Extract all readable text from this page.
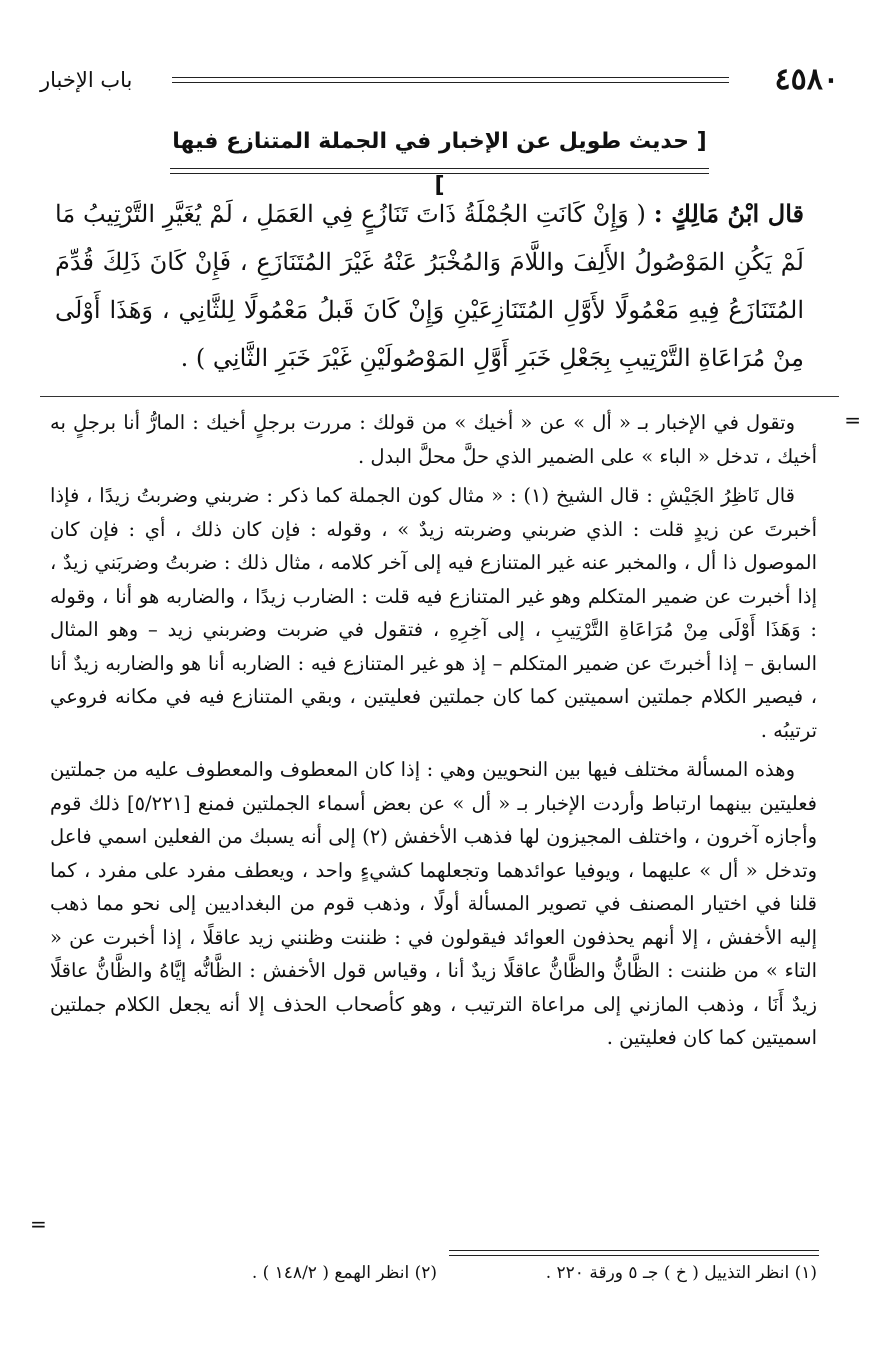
٤٥٨٠
باب الإخبار
[ حديث طويل عن الإخبار في الجملة المتنازع فيها ]
قال ابْنُ مَالِكٍ : ( وَإِنْ كَانَتِ الجُمْلَةُ ذَاتَ تَنَازُعٍ فِي العَمَلِ ، لَمْ يُغَيَّرِ التَّرْتِيبُ مَا لَمْ يَكُنِ المَوْصُولُ الأَلِفَ واللَّامَ وَالمُخْبَرُ عَنْهُ غَيْرَ المُتَنَازَعِ ، فَإِنْ كَانَ ذَلِكَ قُدِّمَ المُتَنَازَعُ فِيهِ مَعْمُولًا لأَوَّلِ المُتَنَازِعَيْنِ وَإِنْ كَانَ قَبلُ مَعْمُولًا لِلثَّانِي ، وَهَذَا أَوْلَى مِنْ مُرَاعَاةِ التَّرْتِيبِ بِجَعْلِ خَبَرِ أَوَّلِ المَوْصُولَيْنِ غَيْرَ خَبَرِ الثَّانِي ) .

وتقول في الإخبار بـ « أل » عن « أخيك » من قولك : مررت برجلٍ أخيك : المارُّ أنا برجلٍ به أخيك ، تدخل « الباء » على الضمير الذي حلَّ محلَّ البدل .

قال نَاظِرُ الجَيْشِ : قال الشيخ (١) : « مثال كون الجملة كما ذكر : ضربني وضربتُ زيدًا ، فإذا أخبرتَ عن زيدٍ قلت : الذي ضربني وضربته زيدٌ » ، وقوله : فإن كان ذلك ، أي : فإن كان الموصول ذا أل ، والمخبر عنه غير المتنازع فيه إلى آخر كلامه ، مثال ذلك : ضربتُ وضربَني زيدٌ ، إذا أخبرت عن ضمير المتكلم وهو غير المتنازع فيه قلت : الضارب زيدًا ، والضاربه هو أنا ، وقوله : وَهَذَا أَوْلَى مِنْ مُرَاعَاةِ التَّرْتِيبِ ، إلى آخِرِهِ ، فتقول في ضربت وضربني زيد – وهو المثال السابق – إذا أخبرتَ عن ضمير المتكلم – إذ هو غير المتنازع فيه : الضاربه أنا هو والضاربه زيدٌ أنا ، فيصير الكلام جملتين اسميتين كما كان جملتين فعليتين ، وبقي المتنازع فيه في مكانه فروعي ترتيبُه .

وهذه المسألة مختلف فيها بين النحويين وهي : إذا كان المعطوف والمعطوف عليه من جملتين فعليتين بينهما ارتباط وأردت الإخبار بـ « أل » عن بعض أسماء الجملتين فمنع [٥/٢٢١] ذلك قوم وأجازه آخرون ، واختلف المجيزون لها فذهب الأخفش (٢) إلى أنه يسبك من الفعلين اسمي فاعل وتدخل « أل » عليهما ، ويوفيا عوائدهما وتجعلهما كشيءٍ واحد ، ويعطف مفرد على مفرد ، كما قلنا في اختيار المصنف في تصوير المسألة أولًا ، وذهب قوم من البغداديين إلى نحو مما ذهب إليه الأخفش ، إلا أنهم يحذفون العوائد فيقولون في : ظننت وظنني زيد عاقلًا ، إذا أخبرت عن « التاء » من ظننت : الظَّانُّ والظَّانُّ عاقلًا زيدٌ أنا ، وقياس قول الأخفش : الظَّانُّه إيَّاهُ والظَّانُّ عاقلًا زيدٌ أَنَا ، وذهب المازني إلى مراعاة الترتيب ، وهو كأصحاب الحذف إلا أنه يجعل الكلام جملتين اسميتين كما كان فعليتين .

=
=
(١) انظر التذييل ( خ ) جـ ٥ ورقة ٢٢٠ .
(٢) انظر الهمع ( ١٤٨/٢ ) .
